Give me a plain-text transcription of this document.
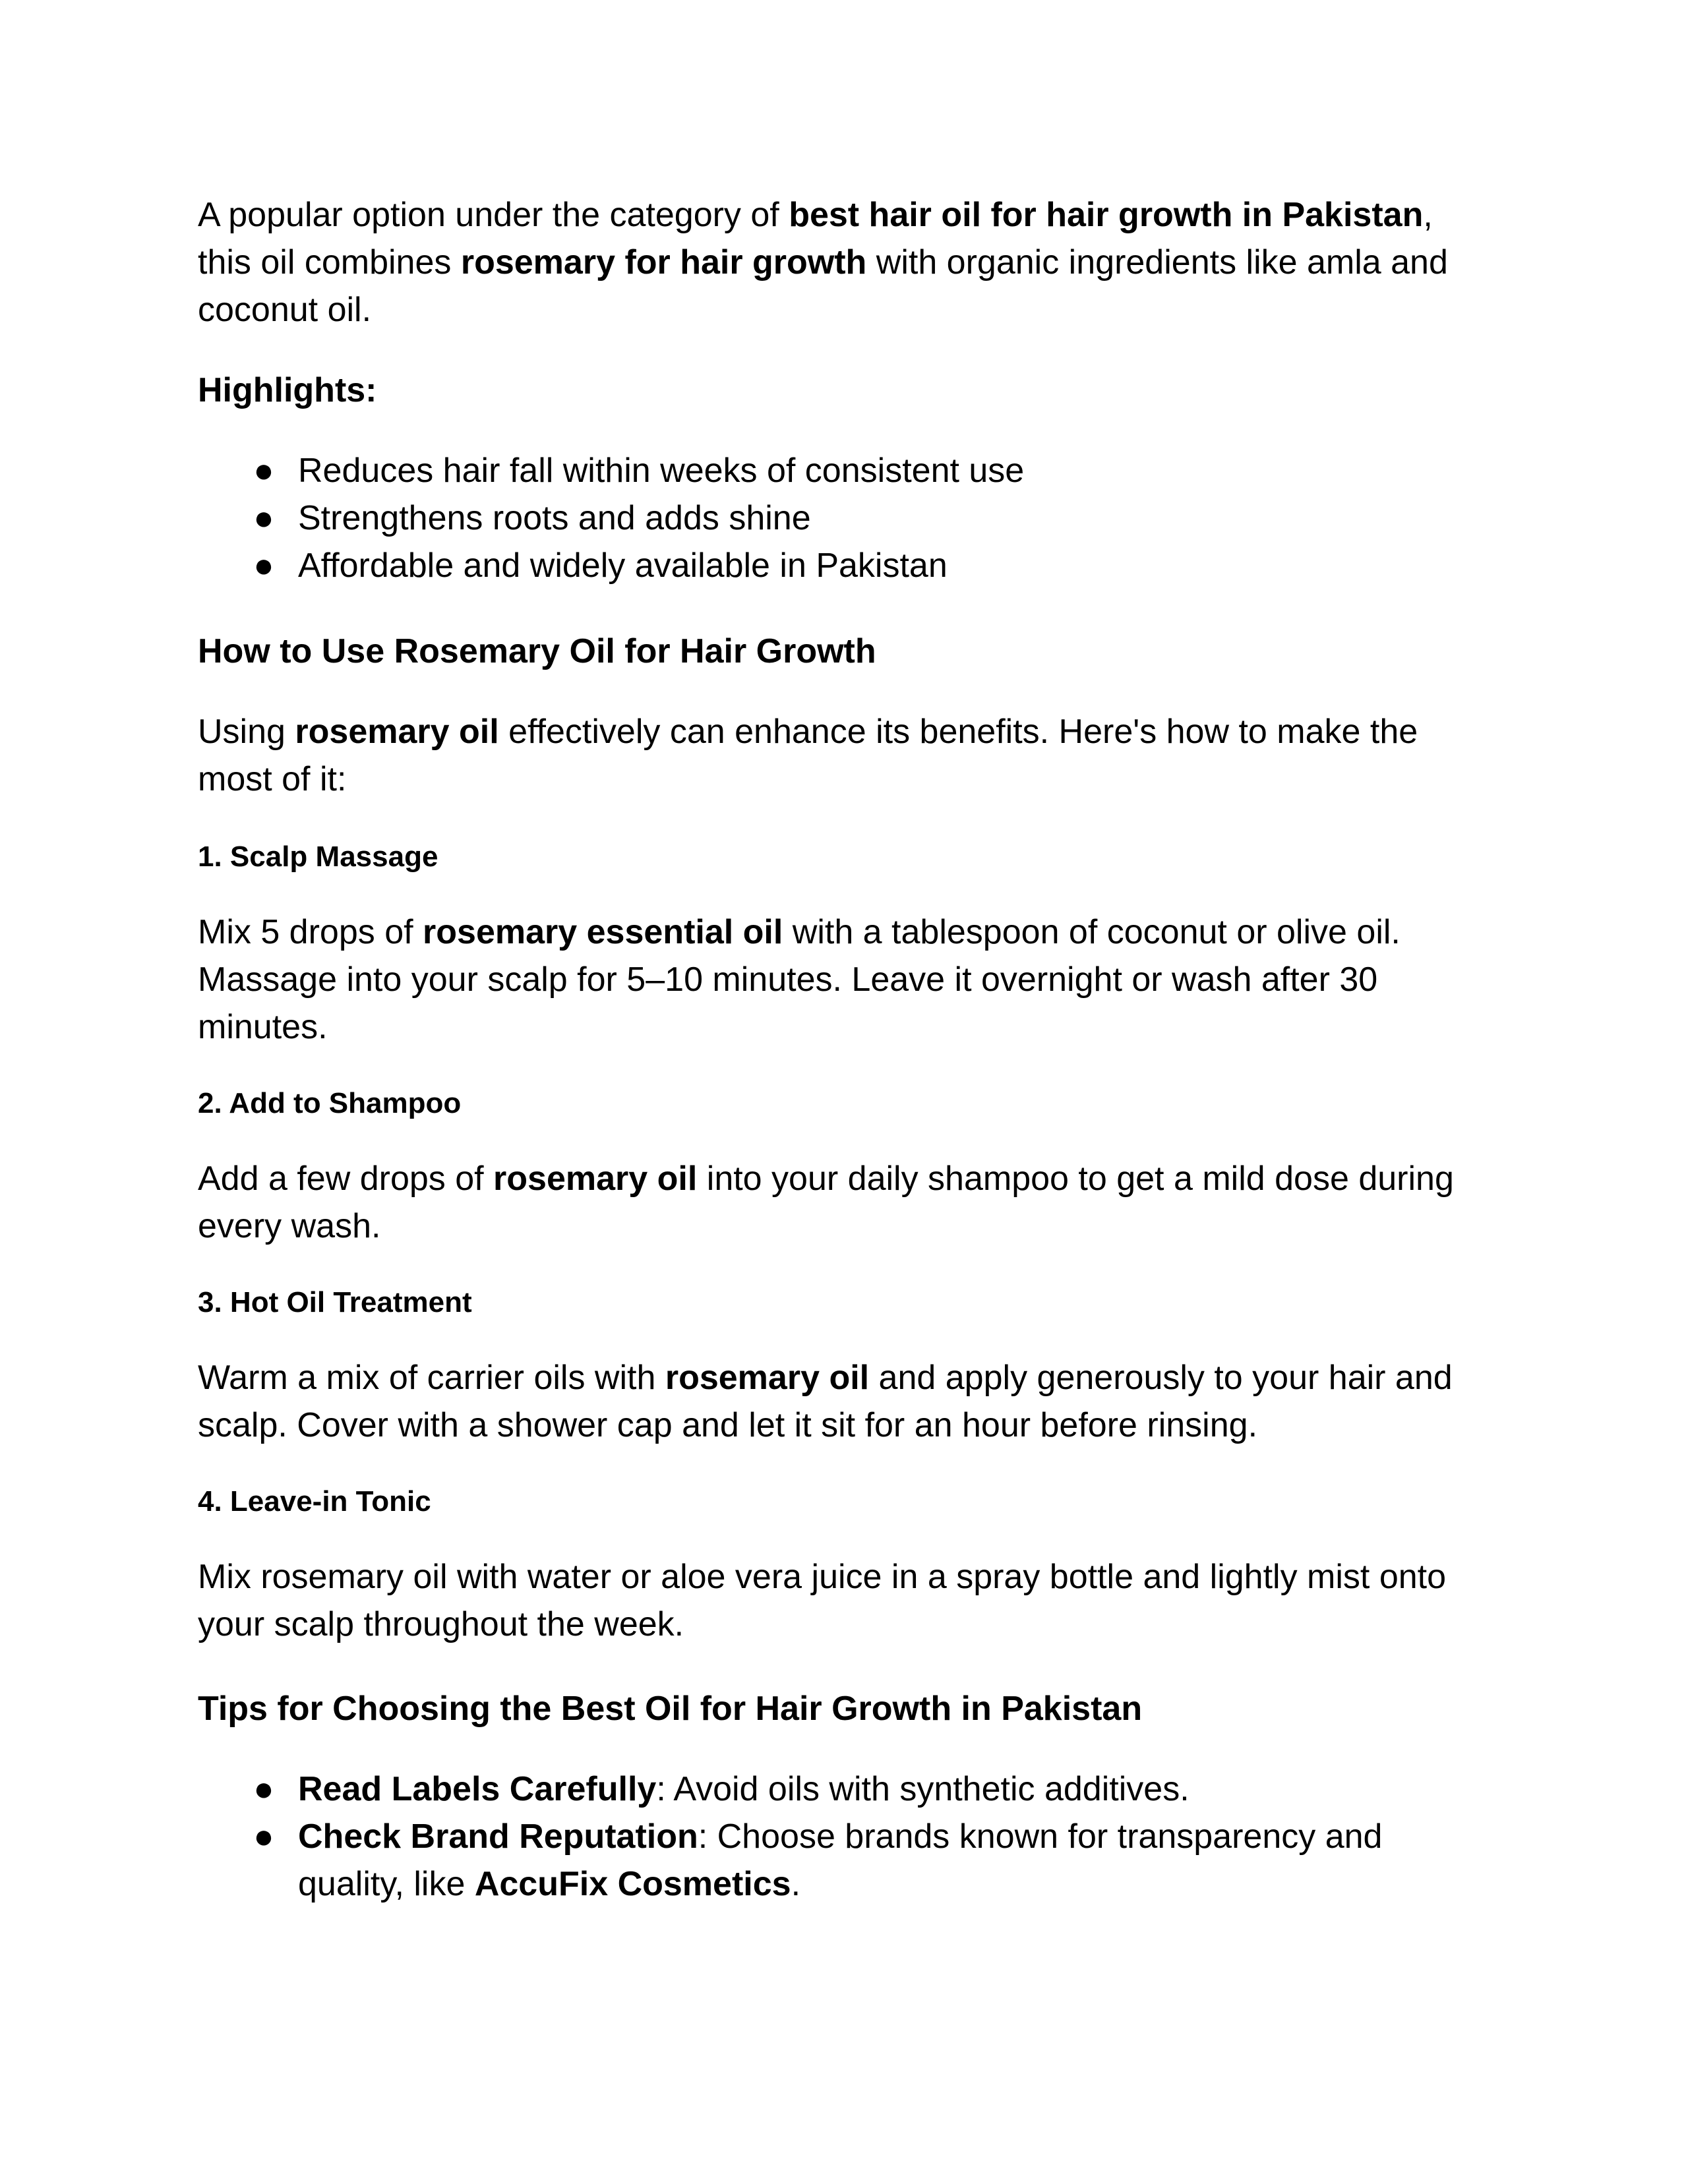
A popular option under the category of best hair oil for hair growth in Pakistan, this oil combines rosemary for hair growth with organic ingredients like amla and coconut oil.

Highlights:

● Reduces hair fall within weeks of consistent use
● Strengthens roots and adds shine
● Affordable and widely available in Pakistan

How to Use Rosemary Oil for Hair Growth

Using rosemary oil effectively can enhance its benefits. Here's how to make the most of it:

1. Scalp Massage

Mix 5 drops of rosemary essential oil with a tablespoon of coconut or olive oil. Massage into your scalp for 5–10 minutes. Leave it overnight or wash after 30 minutes.

2. Add to Shampoo

Add a few drops of rosemary oil into your daily shampoo to get a mild dose during every wash.

3. Hot Oil Treatment

Warm a mix of carrier oils with rosemary oil and apply generously to your hair and scalp. Cover with a shower cap and let it sit for an hour before rinsing.

4. Leave-in Tonic

Mix rosemary oil with water or aloe vera juice in a spray bottle and lightly mist onto your scalp throughout the week.

Tips for Choosing the Best Oil for Hair Growth in Pakistan

● Read Labels Carefully: Avoid oils with synthetic additives.
● Check Brand Reputation: Choose brands known for transparency and quality, like AccuFix Cosmetics.
